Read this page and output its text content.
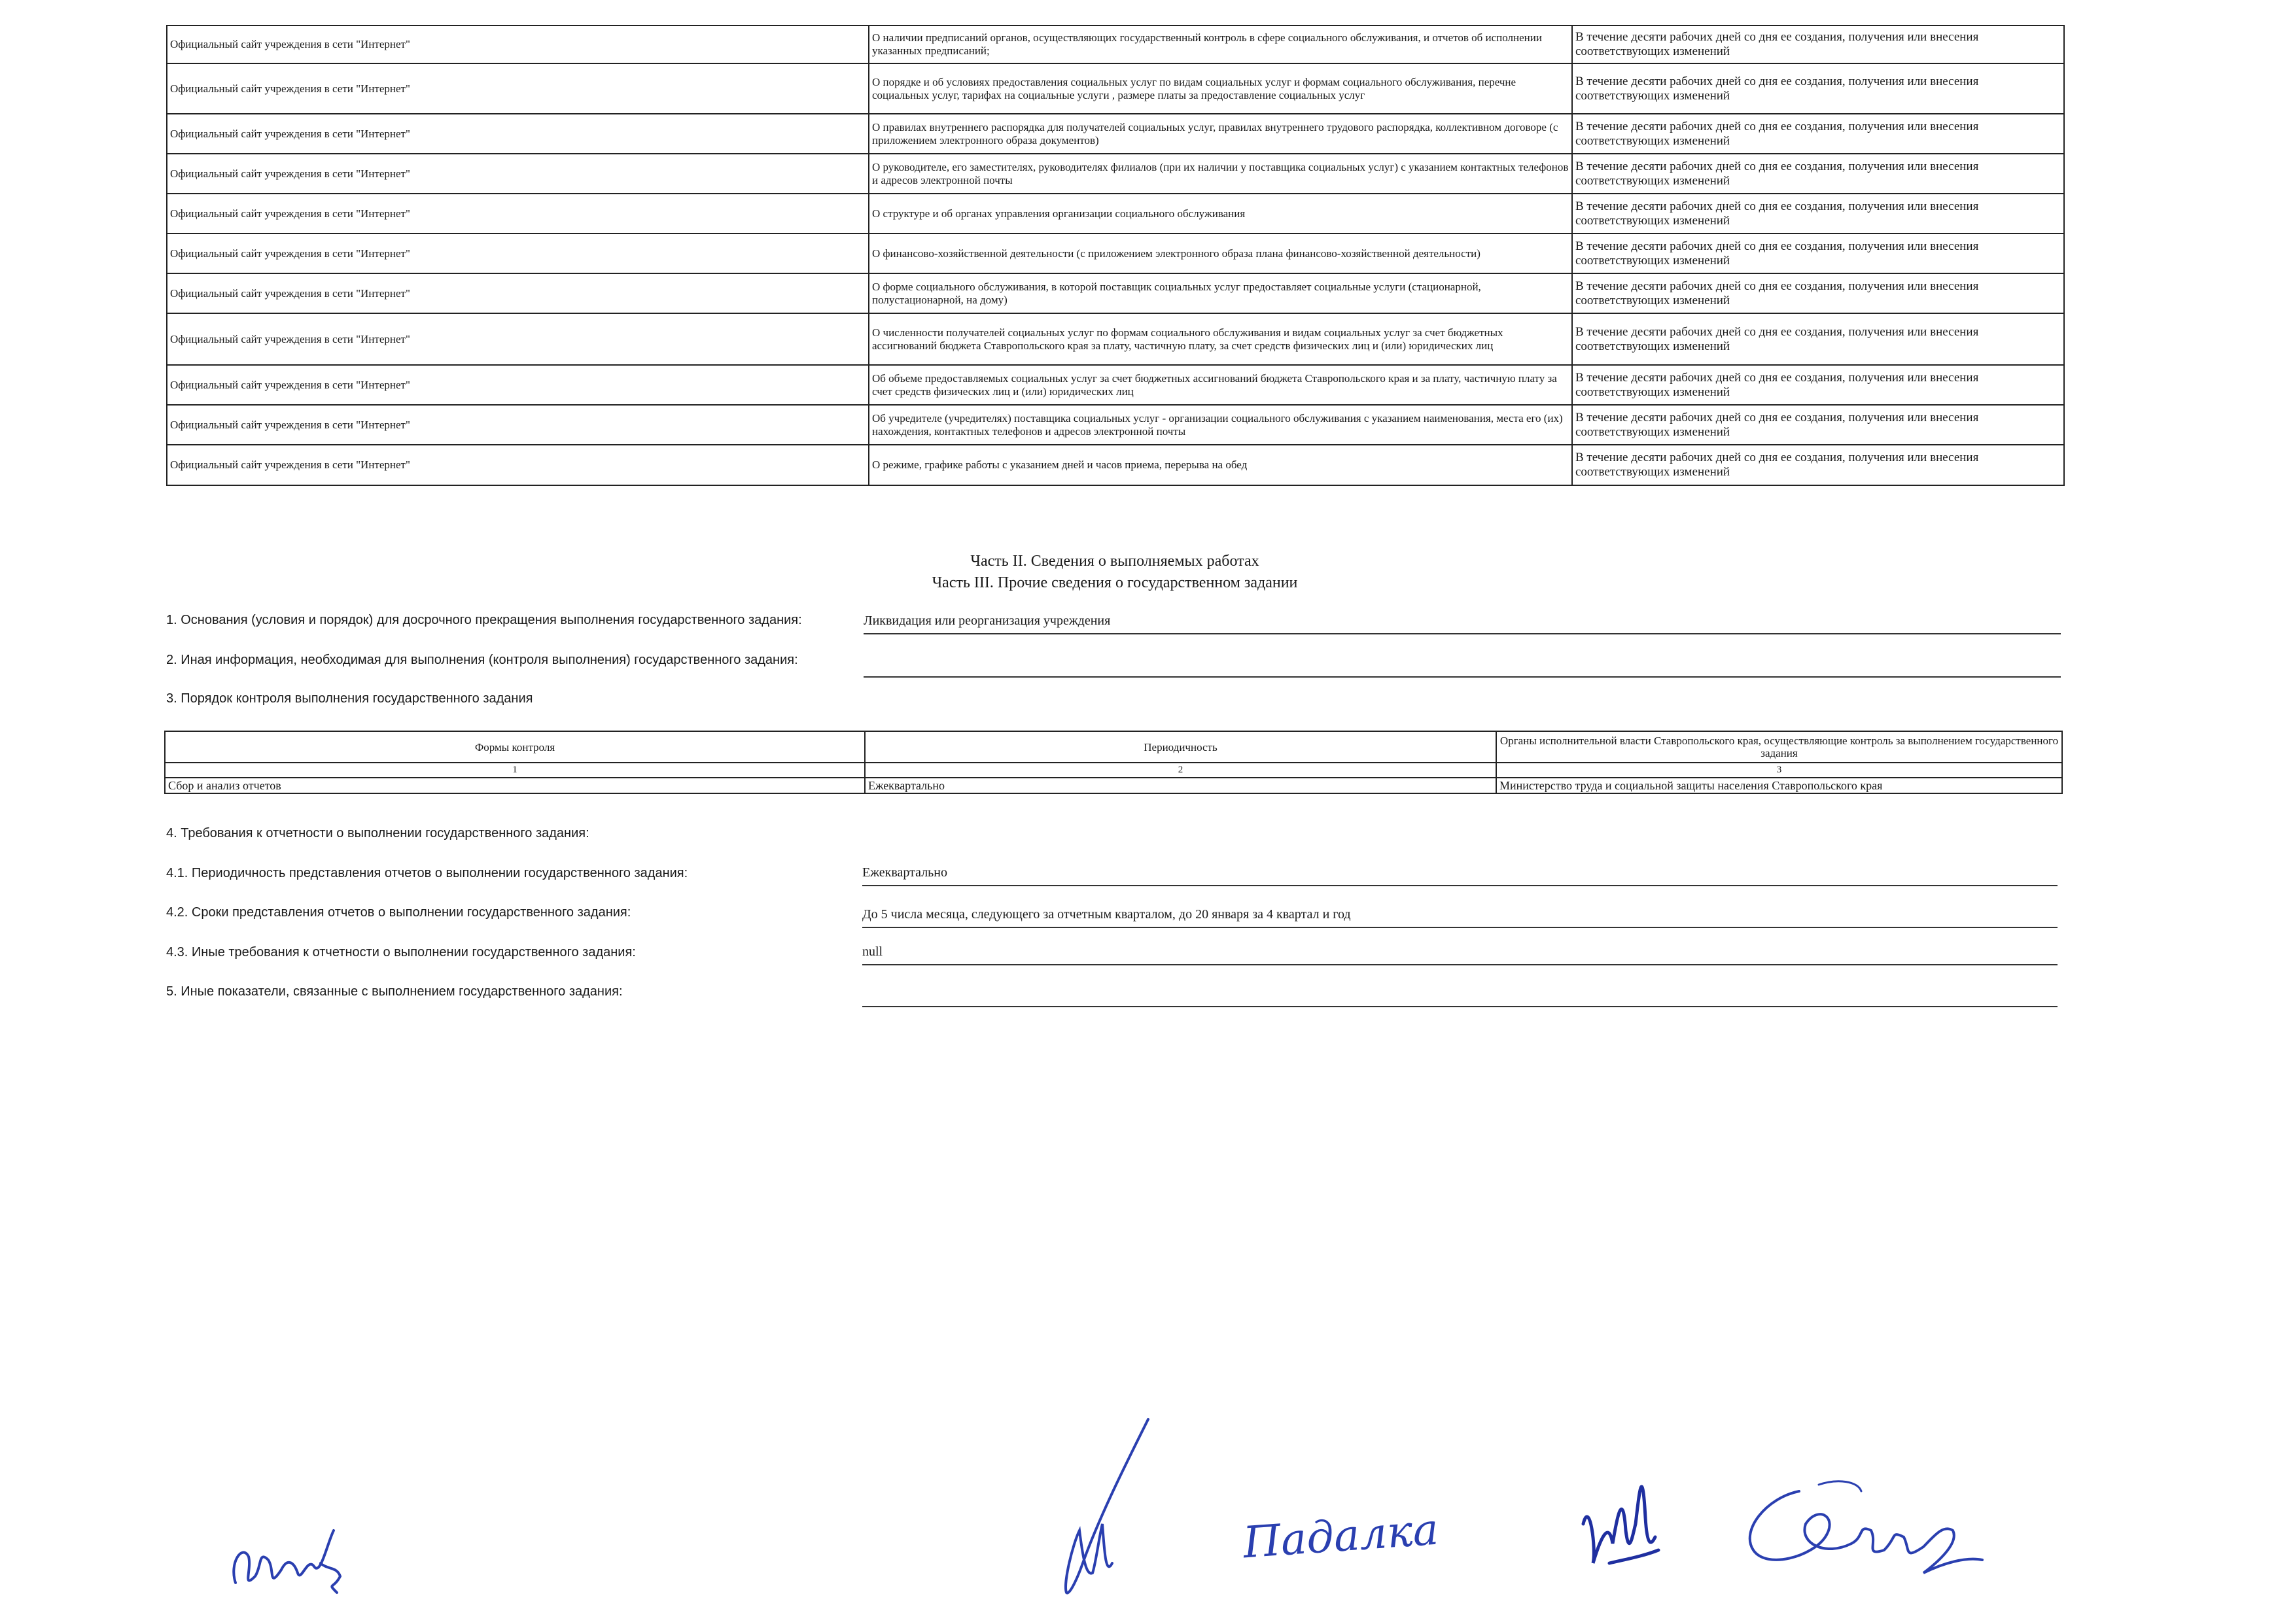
Официальный сайт учреждения в сети "Интернет"	О наличии предписаний органов, осуществляющих государственный контроль в сфере социального обслуживания, и отчетов об исполнении указанных предписаний;	В течение десяти рабочих дней со дня ее создания, получения или внесения соответствующих изменений
Официальный сайт учреждения в сети "Интернет"	О порядке и об условиях предоставления социальных услуг по видам социальных услуг и формам социального обслуживания, перечне социальных услуг, тарифах на социальные услуги , размере платы за предоставление социальных услуг	В течение десяти рабочих дней со дня ее создания, получения или внесения соответствующих изменений
Официальный сайт учреждения в сети "Интернет"	О правилах внутреннего распорядка для получателей социальных услуг, правилах внутреннего трудового распорядка, коллективном договоре (с приложением электронного образа документов)	В течение десяти рабочих дней со дня ее создания, получения или внесения соответствующих изменений
Официальный сайт учреждения в сети "Интернет"	О руководителе, его заместителях, руководителях филиалов (при их наличии у поставщика социальных услуг) с указанием контактных телефонов и адресов электронной почты	В течение десяти рабочих дней со дня ее создания, получения или внесения соответствующих изменений
Официальный сайт учреждения в сети "Интернет"	О структуре и об органах управления организации социального обслуживания	В течение десяти рабочих дней со дня ее создания, получения или внесения соответствующих изменений
Официальный сайт учреждения в сети "Интернет"	О финансово-хозяйственной деятельности (с приложением электронного образа плана финансово-хозяйственной деятельности)	В течение десяти рабочих дней со дня ее создания, получения или внесения соответствующих изменений
Официальный сайт учреждения в сети "Интернет"	О форме социального обслуживания, в которой поставщик социальных услуг предоставляет социальные услуги (стационарной, полустационарной, на дому)	В течение десяти рабочих дней со дня ее создания, получения или внесения соответствующих изменений
Официальный сайт учреждения в сети "Интернет"	О численности получателей социальных услуг по формам социального обслуживания и видам социальных услуг за счет бюджетных ассигнований бюджета Ставропольского края за плату, частичную плату, за счет средств физических лиц и (или) юридических лиц	В течение десяти рабочих дней со дня ее создания, получения или внесения соответствующих изменений
Официальный сайт учреждения в сети "Интернет"	Об объеме предоставляемых социальных услуг за счет бюджетных ассигнований бюджета Ставропольского края и за плату, частичную плату за счет средств физических лиц и (или) юридических лиц	В течение десяти рабочих дней со дня ее создания, получения или внесения соответствующих изменений
Официальный сайт учреждения в сети "Интернет"	Об учредителе (учредителях) поставщика социальных услуг - организации социального обслуживания с указанием наименования, места его (их) нахождения, контактных телефонов и адресов электронной почты	В течение десяти рабочих дней со дня ее создания, получения или внесения соответствующих изменений
Официальный сайт учреждения в сети "Интернет"	О режиме, графике работы с указанием дней и часов приема, перерыва на обед	В течение десяти рабочих дней со дня ее создания, получения или внесения соответствующих изменений
Часть II. Сведения о выполняемых работах
Часть III. Прочие сведения о государственном задании
1. Основания (условия и порядок) для досрочного прекращения выполнения государственного задания:	Ликвидация или реорганизация учреждения
2. Иная информация, необходимая для выполнения (контроля выполнения) государственного задания:
3. Порядок контроля выполнения государственного задания
Формы контроля	Периодичность	Органы исполнительной власти Ставропольского края, осуществляющие контроль за выполнением государственного задания
1	2	3
Сбор и анализ отчетов	Ежеквартально	Министерство труда и социальной защиты населения Ставропольского края
4. Требования к отчетности о выполнении государственного задания:
4.1. Периодичность представления отчетов о выполнении государственного задания:	Ежеквартально
4.2. Сроки представления отчетов о выполнении государственного задания:	До 5 числа месяца, следующего за отчетным кварталом, до 20 января за 4 квартал и год
4.3. Иные требования к отчетности о выполнении государственного задания:	null
5. Иные показатели, связанные с выполнением государственного задания:
Падалка
